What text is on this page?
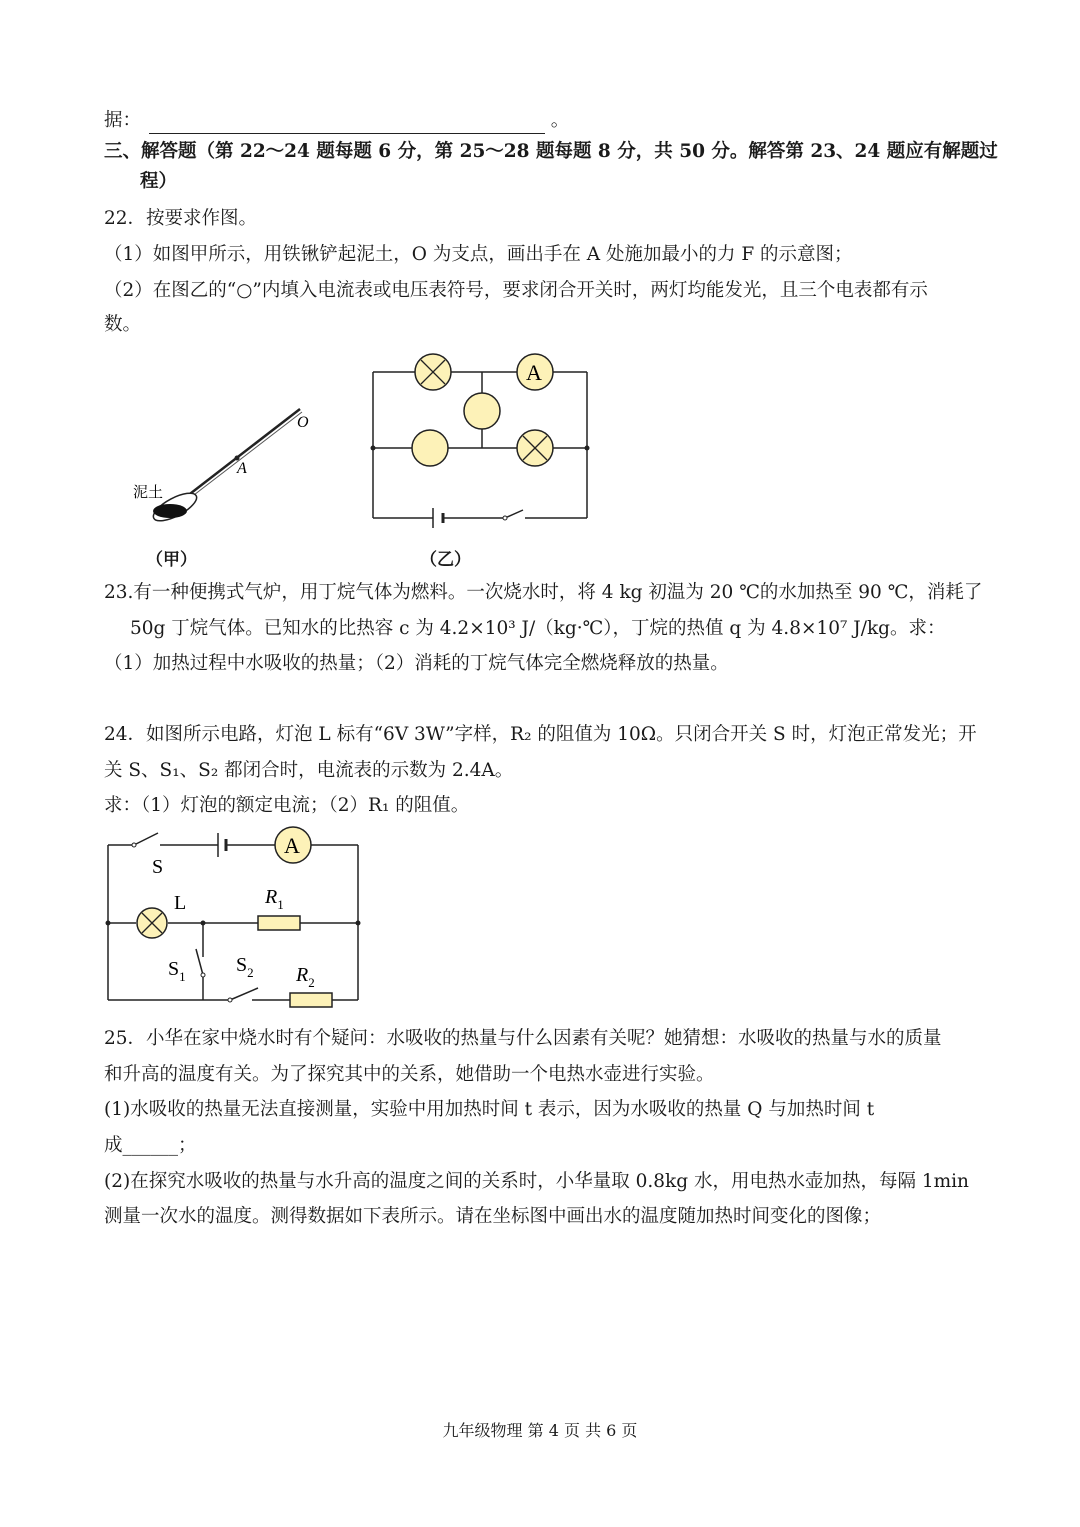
据：	。
三、解答题（第 22～24 题每题 6 分，第 25～28 题每题 8 分，共 50 分。解答第 23、24 题应有解题过
程）
22．按要求作图。
（1）如图甲所示，用铁锹铲起泥土，O 为支点，画出手在 A 处施加最小的力 F 的示意图；
（2）在图乙的“○”内填入电流表或电压表符号，要求闭合开关时，两灯均能发光，且三个电表都有示
数。
O
A
泥土
（甲）
A
（乙）
23.有一种便携式气炉，用丁烷气体为燃料。一次烧水时，将 4 kg 初温为 20 ℃的水加热至 90 ℃，消耗了
50g 丁烷气体。已知水的比热容 c 为 4.2×10³ J/（kg·℃），丁烷的热值 q 为 4.8×10⁷ J/kg。求：
（1）加热过程中水吸收的热量；（2）消耗的丁烷气体完全燃烧释放的热量。
24．如图所示电路，灯泡 L 标有“6V 3W”字样，R₂ 的阻值为 10Ω。只闭合开关 S 时，灯泡正常发光；开
关 S、S₁、S₂ 都闭合时，电流表的示数为 2.4A。
求：（1）灯泡的额定电流；（2）R₁ 的阻值。
S
A
L	$R_1$
$S_1$
$S_2$ $R_2$
25．小华在家中烧水时有个疑问：水吸收的热量与什么因素有关呢？她猜想：水吸收的热量与水的质量
和升高的温度有关。为了探究其中的关系，她借助一个电热水壶进行实验。
(1)水吸收的热量无法直接测量，实验中用加热时间 t 表示，因为水吸收的热量 Q 与加热时间 t
成______；
(2)在探究水吸收的热量与水升高的温度之间的关系时，小华量取 0.8kg 水，用电热水壶加热，每隔 1min
测量一次水的温度。测得数据如下表所示。请在坐标图中画出水的温度随加热时间变化的图像；
九年级物理 第 4 页 共 6 页
